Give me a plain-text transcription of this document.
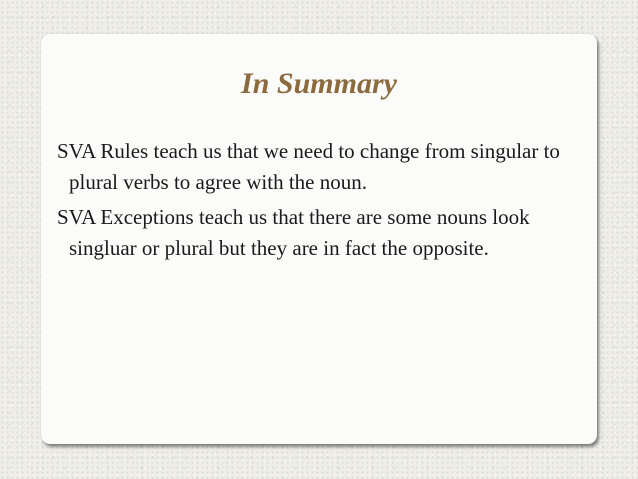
In Summary

SVA Rules teach us that we need to change from singular to plural verbs to agree with the noun.

SVA Exceptions teach us that there are some nouns look singluar or plural but they are in fact the opposite.
